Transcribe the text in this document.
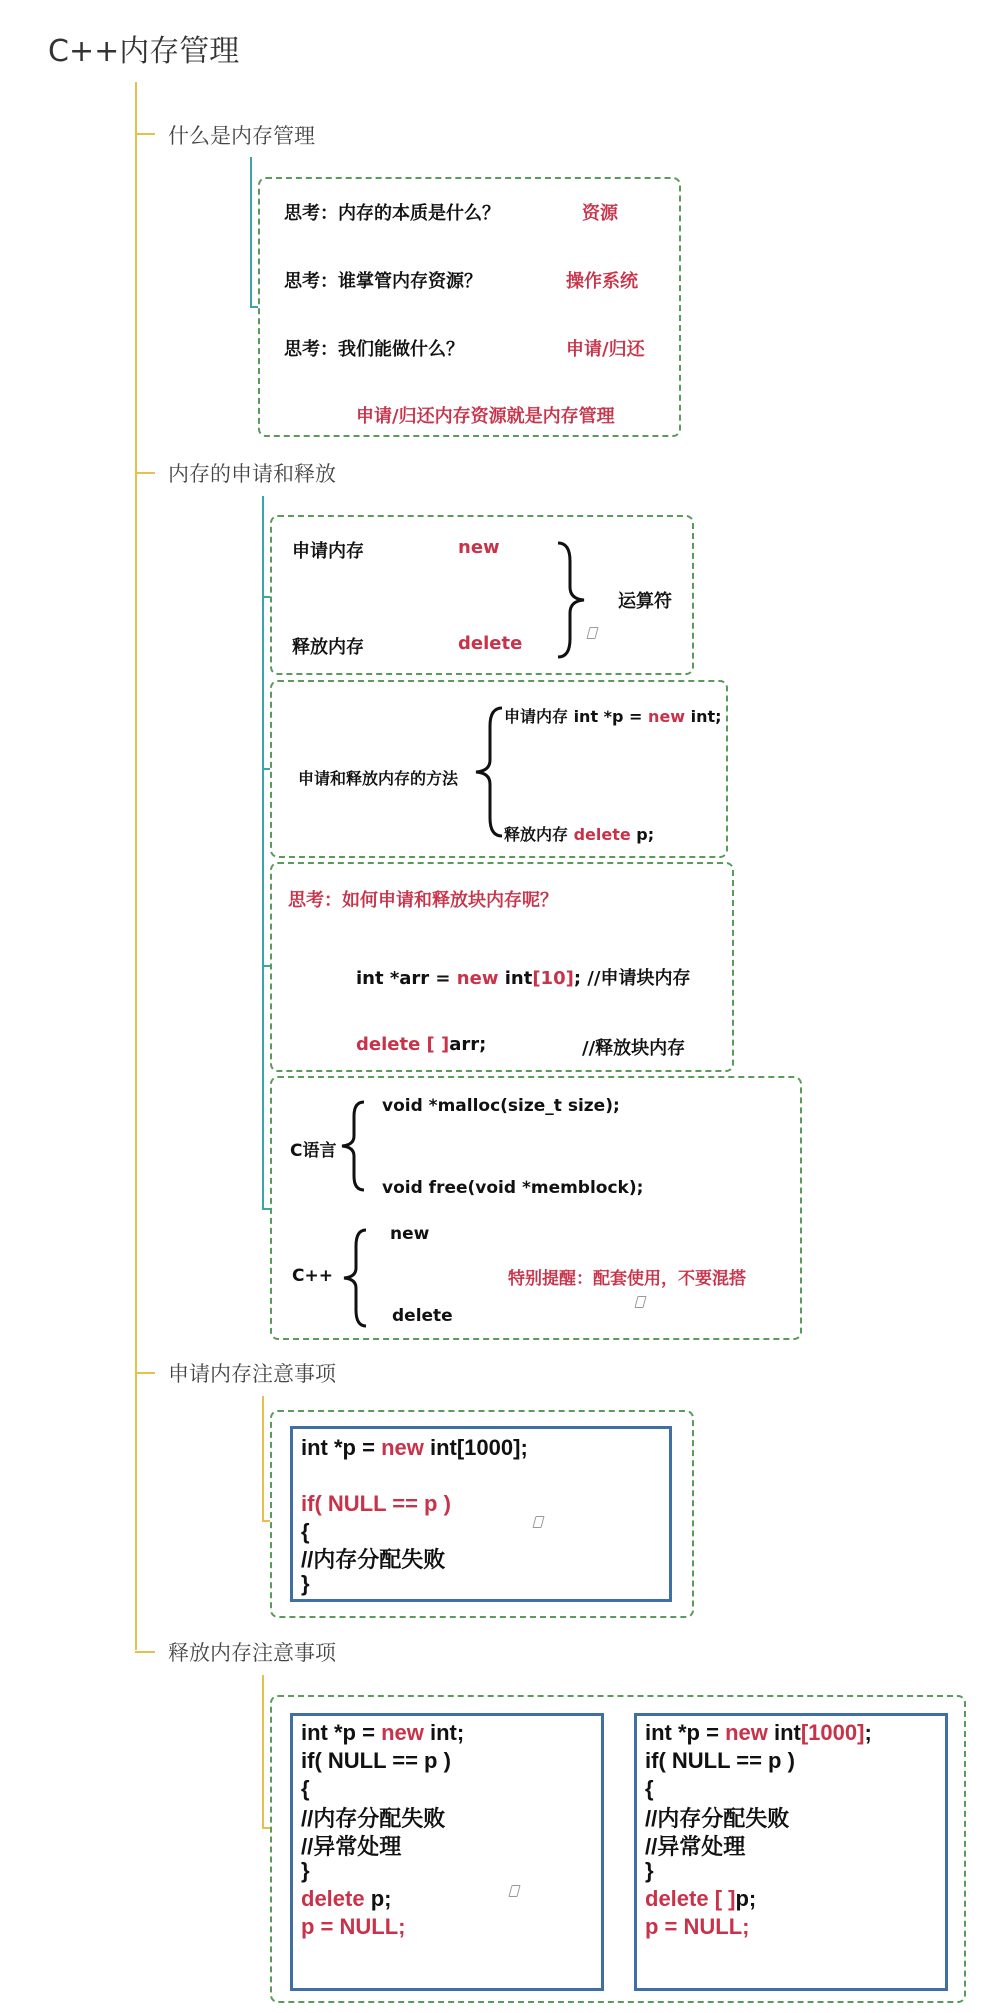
C++内存管理
什么是内存管理
思考：内存的本质是什么？	资源
思考：谁掌管内存资源？	操作系统
思考：我们能做什么？	申请/归还
申请/归还内存资源就是内存管理
内存的申请和释放
申请内存	new
释放内存	delete
运算符
申请和释放内存的方法
申请内存 int *p = new int;
释放内存 delete p;
思考：如何申请和释放块内存呢？
int *arr = new int[10]; //申请块内存
delete [ ]arr;	//释放块内存
C语言
void *malloc(size_t size);
void free(void *memblock);
C++
new
delete
特别提醒：配套使用，不要混搭
申请内存注意事项
int *p = new int[1000];
if( NULL == p )
{
//内存分配失败
}
释放内存注意事项
int *p = new int;
if( NULL == p )
{
//内存分配失败
//异常处理
}
delete p;
p = NULL;
int *p = new int[1000];
if( NULL == p )
{
//内存分配失败
//异常处理
}
delete [ ]p;
p = NULL;
